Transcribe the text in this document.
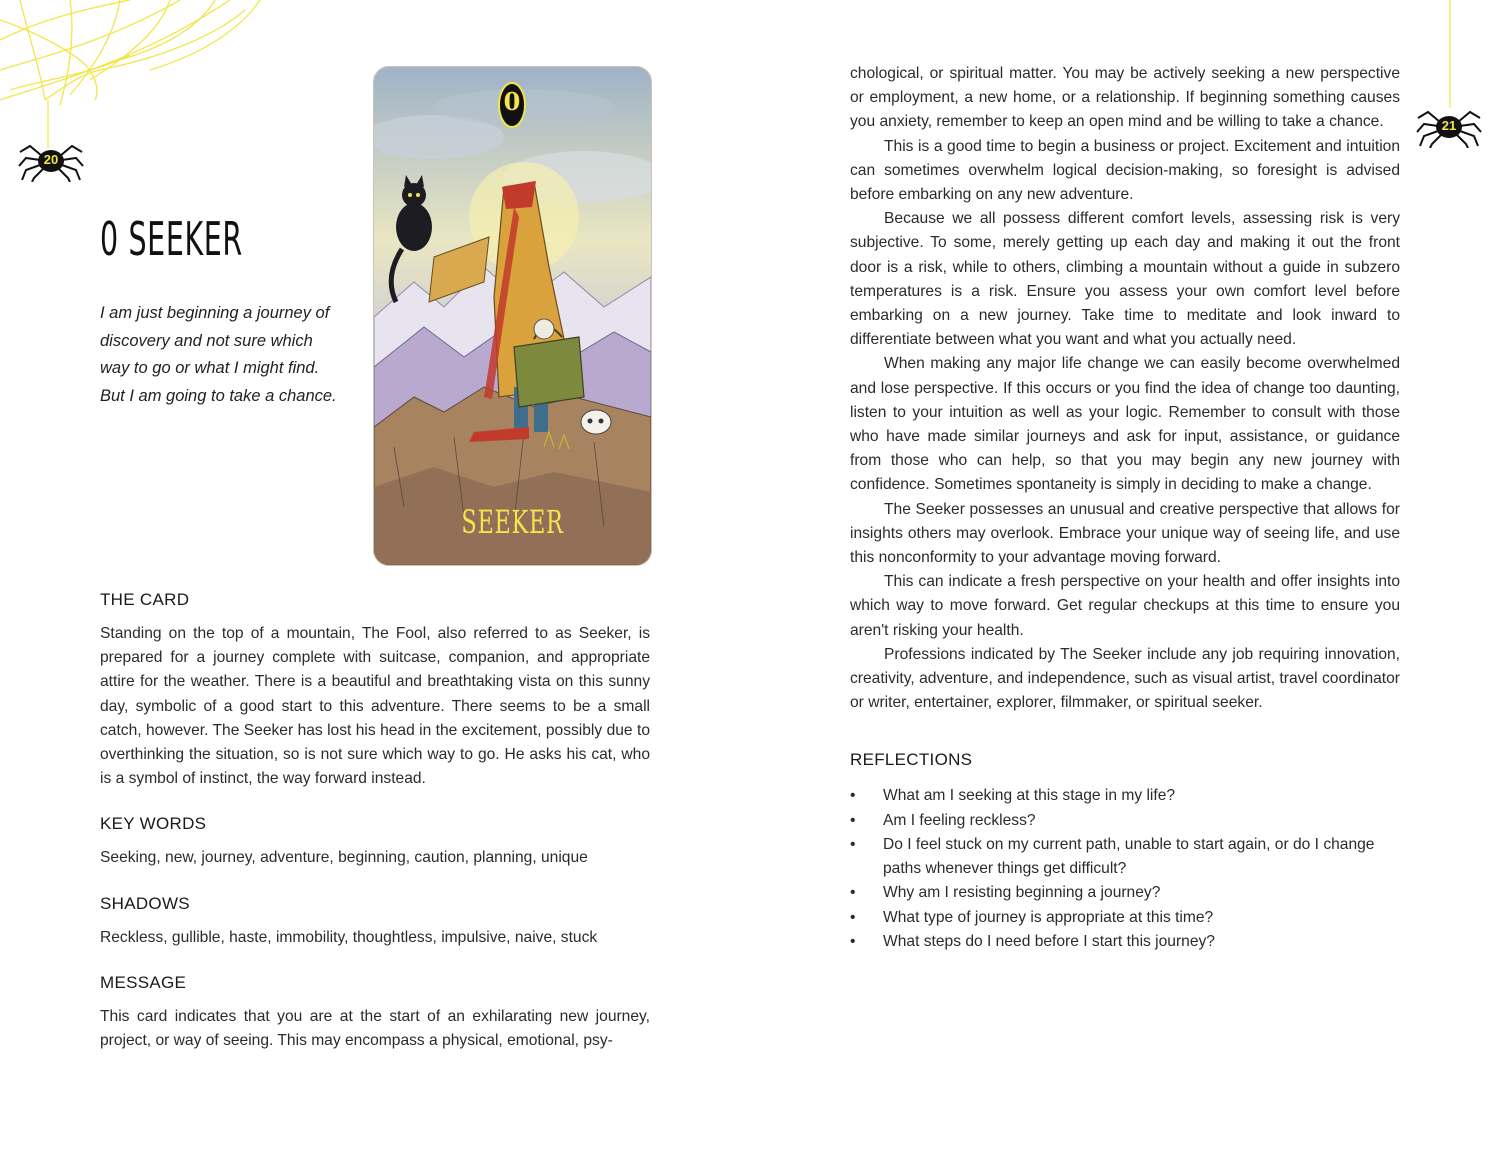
20
21
0 SEEKER

I am just beginning a journey of discovery and not sure which way to go or what I might find. But I am going to take a chance.

0
SEEKER
THE CARD

Standing on the top of a mountain, The Fool, also referred to as Seeker, is prepared for a journey complete with suitcase, companion, and appropriate attire for the weather. There is a beautiful and breathtaking vista on this sunny day, symbolic of a good start to this adventure. There seems to be a small catch, however. The Seeker has lost his head in the excitement, possibly due to overthinking the situation, so is not sure which way to go. He asks his cat, who is a symbol of instinct, the way forward instead.

KEY WORDS

Seeking, new, journey, adventure, beginning, caution, planning, unique

SHADOWS

Reckless, gullible, haste, immobility, thoughtless, impulsive, naive, stuck

MESSAGE

This card indicates that you are at the start of an exhilarating new journey, project, or way of seeing. This may encompass a physical, emotional, psy-

chological, or spiritual matter. You may be actively seeking a new perspective or employment, a new home, or a relationship. If beginning something causes you anxiety, remember to keep an open mind and be willing to take a chance.

This is a good time to begin a business or project. Excitement and intuition can sometimes overwhelm logical decision-making, so foresight is advised before embarking on any new adventure.

Because we all possess different comfort levels, assessing risk is very subjective. To some, merely getting up each day and making it out the front door is a risk, while to others, climbing a mountain without a guide in subzero temperatures is a risk. Ensure you assess your own comfort level before embarking on a new journey. Take time to meditate and look inward to differentiate between what you want and what you actually need.

When making any major life change we can easily become overwhelmed and lose perspective. If this occurs or you find the idea of change too daunting, listen to your intuition as well as your logic. Remember to consult with those who have made similar journeys and ask for input, assistance, or guidance from those who can help, so that you may begin any new journey with confidence. Sometimes spontaneity is simply in deciding to make a change.

The Seeker possesses an unusual and creative perspective that allows for insights others may overlook. Embrace your unique way of seeing life, and use this nonconformity to your advantage moving forward.

This can indicate a fresh perspective on your health and offer insights into which way to move forward. Get regular checkups at this time to ensure you aren't risking your health.

Professions indicated by The Seeker include any job requiring innovation, creativity, adventure, and independence, such as visual artist, travel coordinator or writer, entertainer, explorer, filmmaker, or spiritual seeker.

REFLECTIONS
• What am I seeking at this stage in my life?
• Am I feeling reckless?
• Do I feel stuck on my current path, unable to start again, or do I change paths whenever things get difficult?
• Why am I resisting beginning a journey?
• What type of journey is appropriate at this time?
• What steps do I need before I start this journey?
